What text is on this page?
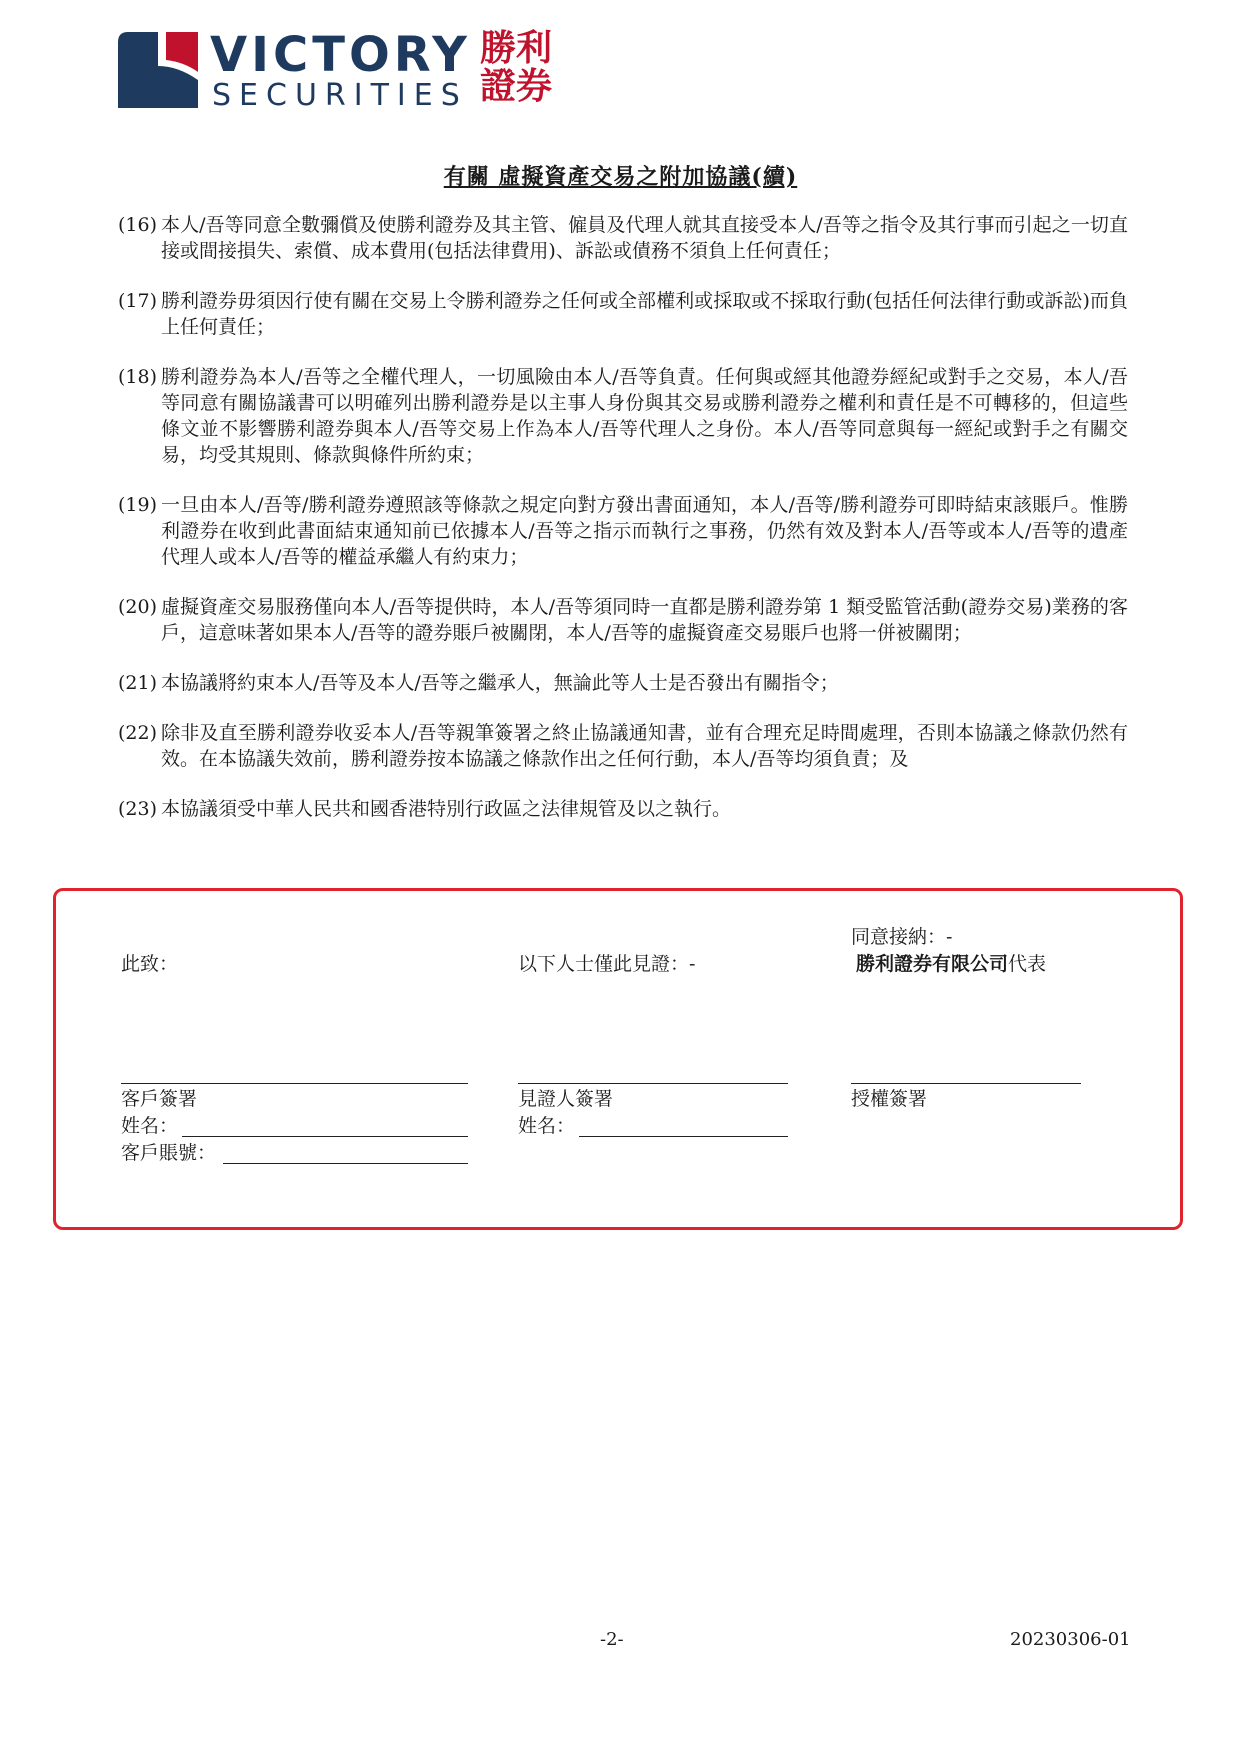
VICTORY
SECURITIES
勝利證券
有關 虛擬資產交易之附加協議(續)
(16) 本人/吾等同意全數彌償及使勝利證券及其主管、僱員及代理人就其直接受本人/吾等之指令及其行事而引起之一切直接或間接損失、索償、成本費用(包括法律費用)、訴訟或債務不須負上任何責任；
(17) 勝利證券毋須因行使有關在交易上令勝利證券之任何或全部權利或採取或不採取行動(包括任何法律行動或訴訟)而負上任何責任；
(18) 勝利證券為本人/吾等之全權代理人，一切風險由本人/吾等負責。任何與或經其他證券經紀或對手之交易，本人/吾等同意有關協議書可以明確列出勝利證券是以主事人身份與其交易或勝利證券之權利和責任是不可轉移的，但這些條文並不影響勝利證券與本人/吾等交易上作為本人/吾等代理人之身份。本人/吾等同意與每一經紀或對手之有關交易，均受其規則、條款與條件所約束；
(19) 一旦由本人/吾等/勝利證券遵照該等條款之規定向對方發出書面通知，本人/吾等/勝利證券可即時結束該賬戶。惟勝利證券在收到此書面結束通知前已依據本人/吾等之指示而執行之事務，仍然有效及對本人/吾等或本人/吾等的遺產代理人或本人/吾等的權益承繼人有約束力；
(20) 虛擬資產交易服務僅向本人/吾等提供時，本人/吾等須同時一直都是勝利證券第 1 類受監管活動(證券交易)業務的客戶，這意味著如果本人/吾等的證券賬戶被關閉，本人/吾等的虛擬資產交易賬戶也將一併被關閉；
(21) 本協議將約束本人/吾等及本人/吾等之繼承人，無論此等人士是否發出有關指令；
(22) 除非及直至勝利證券收妥本人/吾等親筆簽署之終止協議通知書，並有合理充足時間處理，否則本協議之條款仍然有效。在本協議失效前，勝利證券按本協議之條款作出之任何行動，本人/吾等均須負責；及
(23) 本協議須受中華人民共和國香港特別行政區之法律規管及以之執行。
此致：	以下人士僅此見證：-
同意接納：-
勝利證券有限公司代表
客戶簽署
姓名：
客戶賬號：
見證人簽署
姓名：
授權簽署
-2-	20230306-01
